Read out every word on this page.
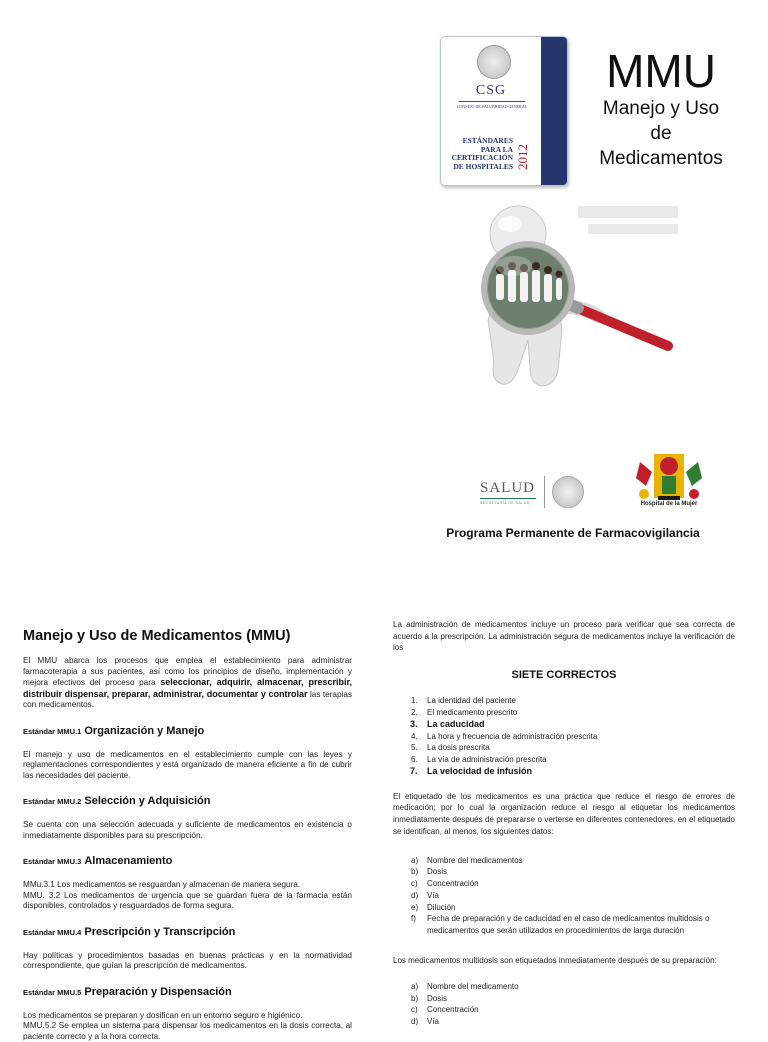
CSG
CONSEJO DE SALUBRIDAD GENERAL
ESTÁNDARES
PARA LA
CERTIFICACIÓN
DE HOSPITALES 2012
MMU
Manejo y Uso
de
Medicamentos
SALUD
SECRETARÍA DE SALUD	Hospital de la Mujer
Programa Permanente de Farmacovigilancia
Manejo y Uso de Medicamentos (MMU)

El MMU abarca los procesos que emplea el establecimiento para administrar farmacoterapia a sus pacientes, así como los principios de diseño, implementación y mejora efectivos del proceso para seleccionar, adquirir, almacenar, prescribir, distribuir dispensar, preparar, administrar, documentar y controlar las terapias con medicamentos.

Estándar MMU.1 Organización y Manejo

El manejo y uso de medicamentos en el establecimiento cumple con las leyes y reglamentaciones correspondientes y está organizado de manera eficiente a fin de cubrir las necesidades del paciente.

Estándar MMU.2 Selección y Adquisición

Se cuenta con una selección adecuada y suficiente de medicamentos en existencia o inmediatamente disponibles para su prescripción.

Estándar MMU.3 Almacenamiento

MMu.3.1 Los medicamentos se resguardan y almacenan de manera segura.
MMU. 3.2 Los medicamentos de urgencia que se guardan fuera de la farmacia están disponibles, controlados y resguardados de forma segura.

Estándar MMU.4 Prescripción y Transcripción

Hay políticas y procedimientos basadas en buenas prácticas y en la normatividad correspondiente, que guían la prescripción de medicamentos.

Estándar MMU.5 Preparación y Dispensación

Los medicamentos se preparan y dosifican en un entorno seguro e higiénico.
MMU.5.2 Se emplea un sistema para dispensar los medicamentos en la dosis correcta, al paciente correcto y a la hora correcta.

La administración de medicamentos incluye un proceso para verificar que sea correcta de acuerdo a la prescripción. La administración segura de medicamentos incluye la verificación de los

SIETE CORRECTOS
1. La identidad del paciente
2. El medicamento prescrito
3. La caducidad
4. La hora y frecuencia de administración prescrita
5. La dosis prescrita
6. La vía de administración prescrita
7. La velocidad de infusión

El etiquetado de los medicamentos es una práctica que reduce el riesgo de errores de medicación; por lo cual la organización reduce el riesgo al etiquetar los medicamentos inmediatamente después de prepararse o verterse en diferentes contenedores, en el etiquetado se identifican, al menos, los siguientes datos:

a) Nombre del medicamentos
b) Dosis
c) Concentración
d) Vía
e) Dilución
f) Fecha de preparación y de caducidad en el caso de medicamentos multidosis o medicamentos que serán utilizados en procedimientos de larga duración

Los medicamentos multidosis son etiquetados inmediatamente después de su preparación:

a) Nombre del medicamento
b) Dosis
c) Concentración
d) Vía
